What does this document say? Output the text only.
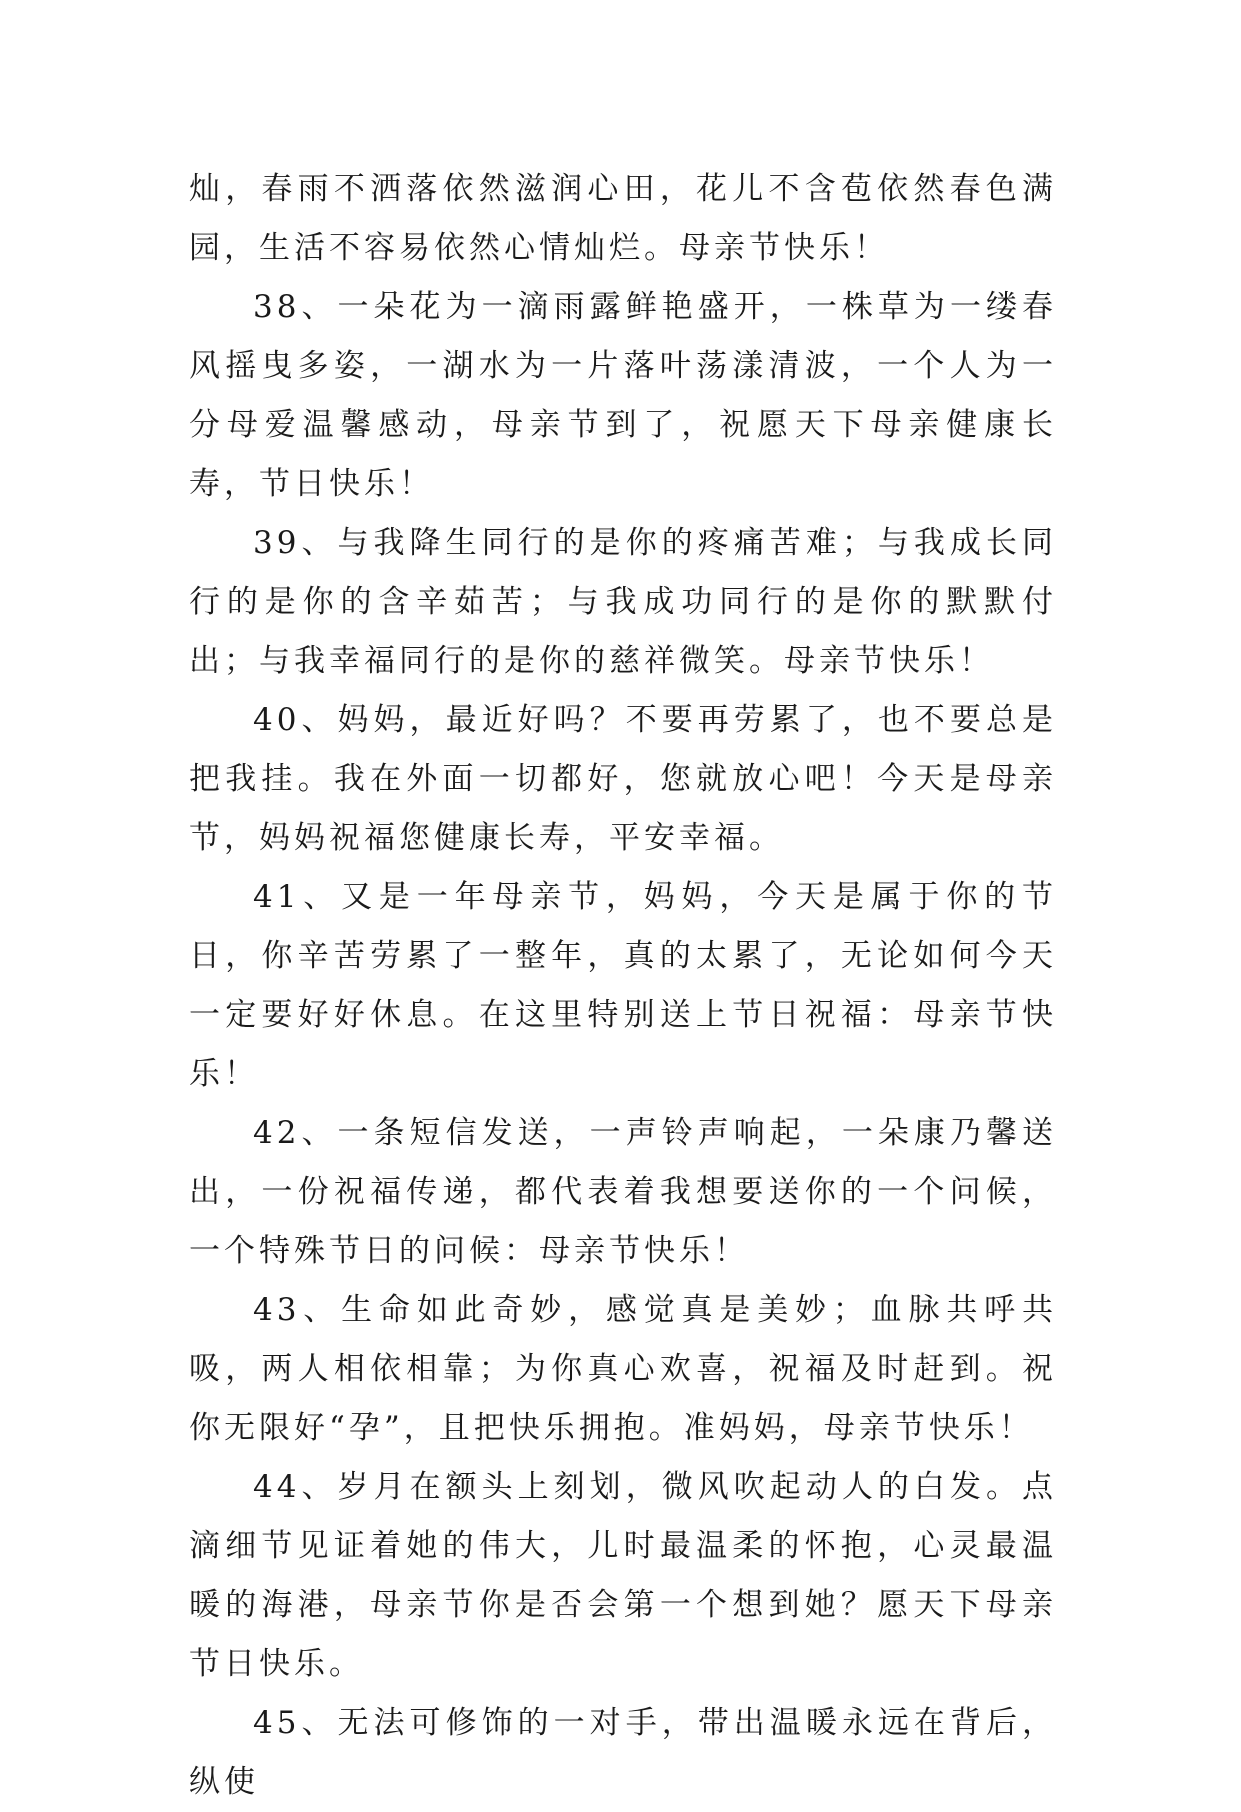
灿，春雨不洒落依然滋润心田，花儿不含苞依然春色满园，生活不容易依然心情灿烂。母亲节快乐！

38、一朵花为一滴雨露鲜艳盛开，一株草为一缕春风摇曳多姿，一湖水为一片落叶荡漾清波，一个人为一分母爱温馨感动，母亲节到了，祝愿天下母亲健康长寿，节日快乐！

39、与我降生同行的是你的疼痛苦难；与我成长同行的是你的含辛茹苦；与我成功同行的是你的默默付出；与我幸福同行的是你的慈祥微笑。母亲节快乐！

40、妈妈，最近好吗？不要再劳累了，也不要总是把我挂。我在外面一切都好，您就放心吧！今天是母亲节，妈妈祝福您健康长寿，平安幸福。

41、又是一年母亲节，妈妈，今天是属于你的节日，你辛苦劳累了一整年，真的太累了，无论如何今天一定要好好休息。在这里特别送上节日祝福：母亲节快乐！

42、一条短信发送，一声铃声响起，一朵康乃馨送出，一份祝福传递，都代表着我想要送你的一个问候，一个特殊节日的问候：母亲节快乐！

43、生命如此奇妙，感觉真是美妙；血脉共呼共吸，两人相依相靠；为你真心欢喜，祝福及时赶到。祝你无限好“孕”，且把快乐拥抱。准妈妈，母亲节快乐！

44、岁月在额头上刻划，微风吹起动人的白发。点滴细节见证着她的伟大，儿时最温柔的怀抱，心灵最温暖的海港，母亲节你是否会第一个想到她？愿天下母亲节日快乐。

45、无法可修饰的一对手，带出温暖永远在背后，纵使
